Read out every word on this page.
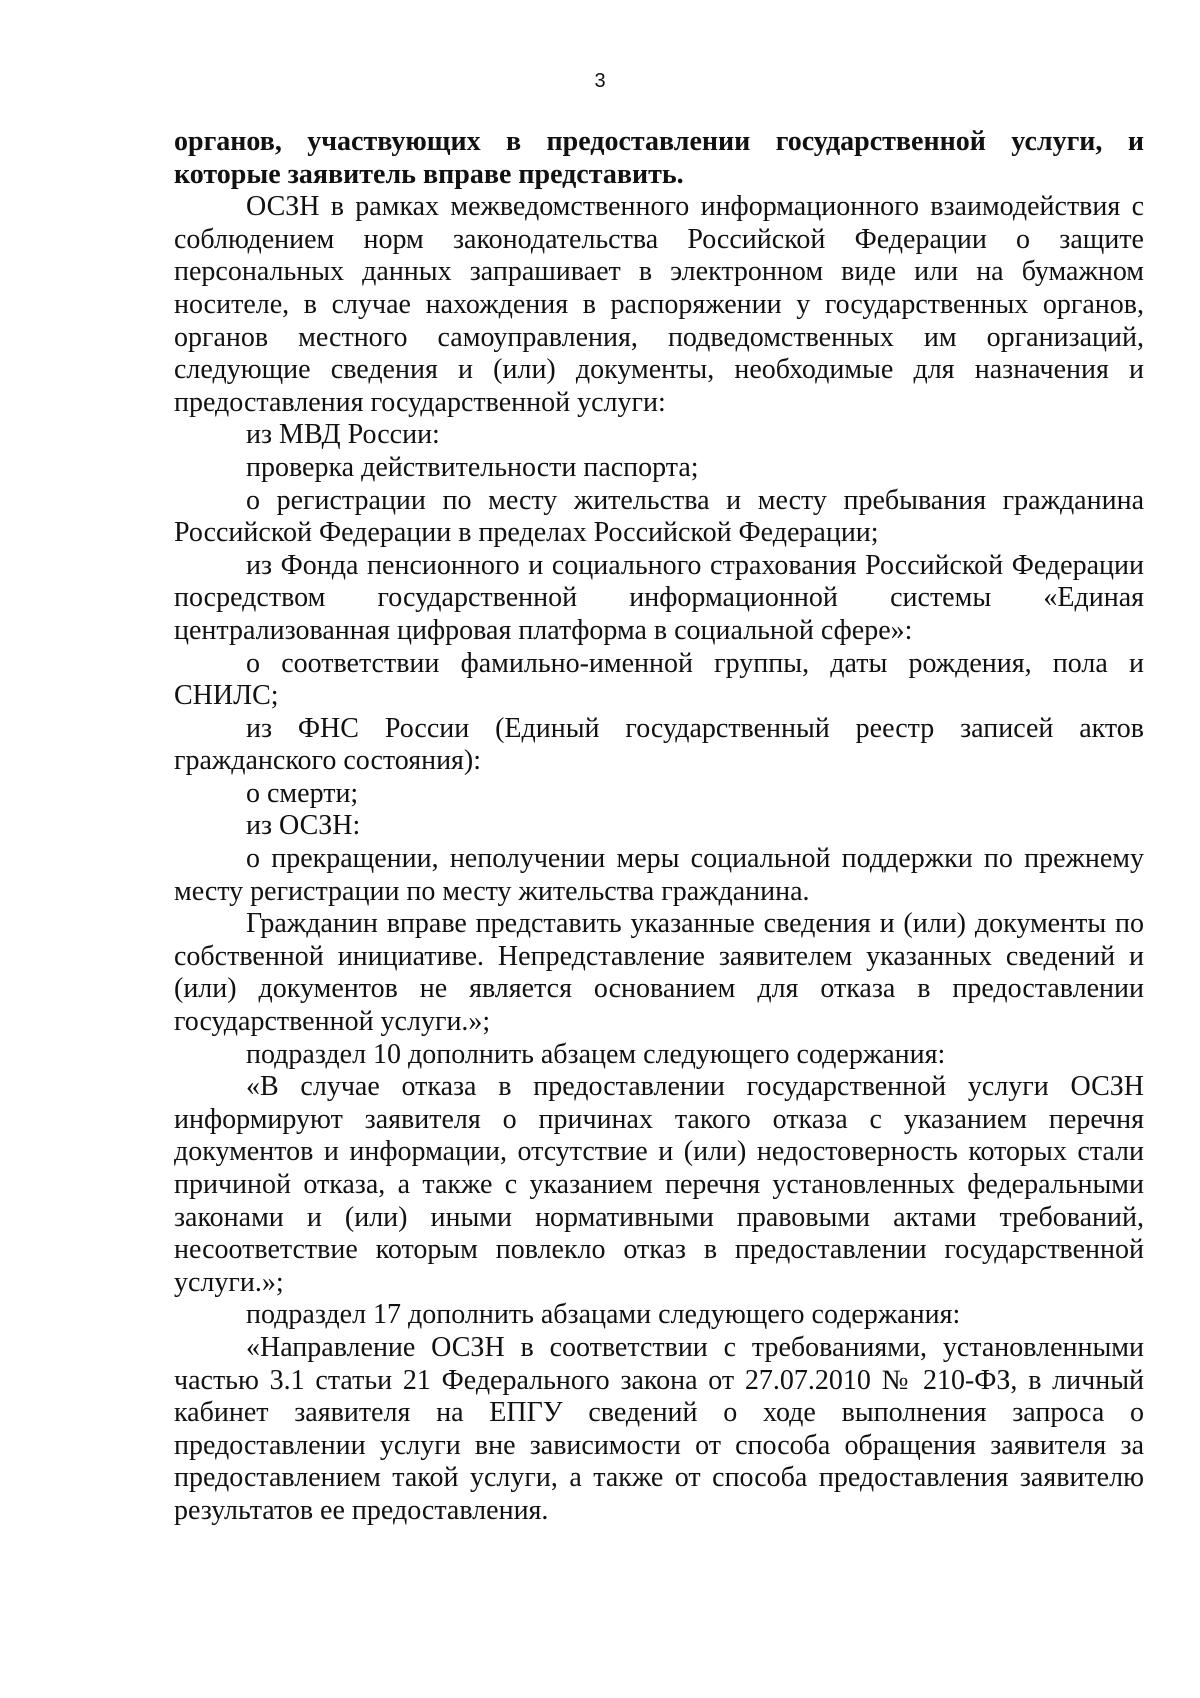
3

органов, участвующих в предоставлении государственной услуги, и которые заявитель вправе представить.

ОСЗН в рамках межведомственного информационного взаимодействия с соблюдением норм законодательства Российской Федерации о защите персональных данных запрашивает в электронном виде или на бумажном носителе, в случае нахождения в распоряжении у государственных органов, органов местного самоуправления, подведомственных им организаций, следующие сведения и (или) документы, необходимые для назначения и предоставления государственной услуги:

из МВД России:

проверка действительности паспорта;

о регистрации по месту жительства и месту пребывания гражданина Российской Федерации в пределах Российской Федерации;

из Фонда пенсионного и социального страхования Российской Федерации посредством государственной информационной системы «Единая централизованная цифровая платформа в социальной сфере»:

о соответствии фамильно-именной группы, даты рождения, пола и СНИЛС;

из ФНС России (Единый государственный реестр записей актов гражданского состояния):

о смерти;

из ОСЗН:

о прекращении, неполучении меры социальной поддержки по прежнему месту регистрации по месту жительства гражданина.

Гражданин вправе представить указанные сведения и (или) документы по собственной инициативе. Непредставление заявителем указанных сведений и (или) документов не является основанием для отказа в предоставлении государственной услуги.»;

подраздел 10 дополнить абзацем следующего содержания:

«В случае отказа в предоставлении государственной услуги ОСЗН информируют заявителя о причинах такого отказа с указанием перечня документов и информации, отсутствие и (или) недостоверность которых стали причиной отказа, а также с указанием перечня установленных федеральными законами и (или) иными нормативными правовыми актами требований, несоответствие которым повлекло отказ в предоставлении государственной услуги.»;

подраздел 17 дополнить абзацами следующего содержания:

«Направление ОСЗН в соответствии с требованиями, установленными частью 3.1 статьи 21 Федерального закона от 27.07.2010 № 210-ФЗ, в личный кабинет заявителя на ЕПГУ сведений о ходе выполнения запроса о предоставлении услуги вне зависимости от способа обращения заявителя за предоставлением такой услуги, а также от способа предоставления заявителю результатов ее предоставления.
